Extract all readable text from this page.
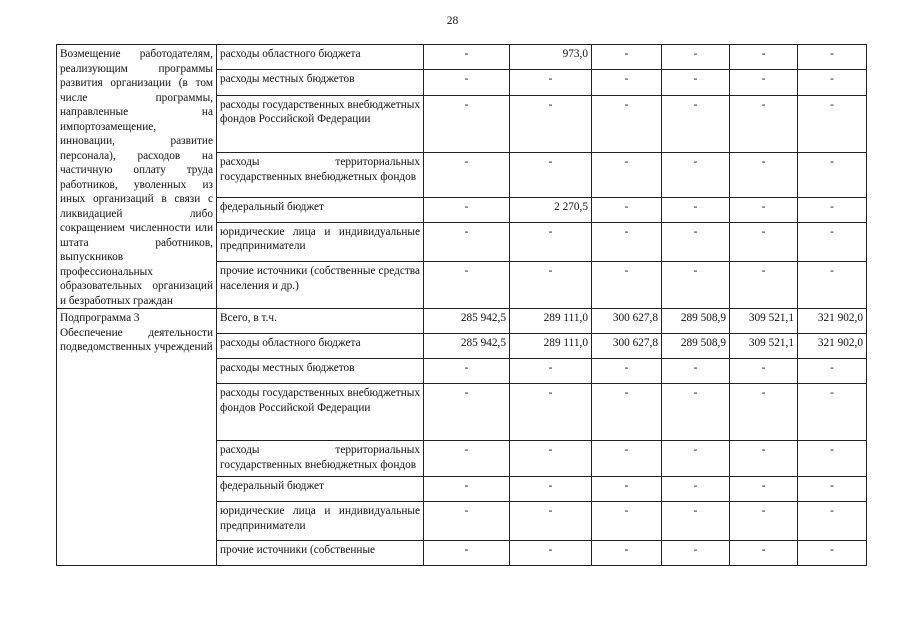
28
Возмещение работодателям, реализующим программы развития организации (в том числе программы, направленные на импортозамещение, инновации, развитие персонала), расходов на частичную оплату труда работников, уволенных из иных организаций в связи с ликвидацией либо сокращением численности или штата работников, выпускников профессиональных образовательных организаций и безработных граждан	расходы областного бюджета	-	973,0	-	-	-	-
	расходы местных бюджетов	-	-	-	-	-	-
	расходы государственных внебюджетных фондов Российской Федерации	-	-	-	-	-	-
	расходы территориальных государственных внебюджетных фондов	-	-	-	-	-	-
	федеральный бюджет	-	2 270,5	-	-	-	-
	юридические лица и индивидуальные предприниматели	-	-	-	-	-	-
	прочие источники (собственные средства населения и др.)	-	-	-	-	-	-

Подпрограмма 3
Обеспечение деятельности подведомственных учреждений	Всего, в т.ч.	285 942,5	289 111,0	300 627,8	289 508,9	309 521,1	321 902,0
	расходы областного бюджета	285 942,5	289 111,0	300 627,8	289 508,9	309 521,1	321 902,0
	расходы местных бюджетов	-	-	-	-	-	-
	расходы государственных внебюджетных фондов Российской Федерации	-	-	-	-	-	-
	расходы территориальных государственных внебюджетных фондов	-	-	-	-	-	-
	федеральный бюджет	-	-	-	-	-	-
	юридические лица и индивидуальные предприниматели	-	-	-	-	-	-
	прочие источники (собственные	-	-	-	-	-	-
